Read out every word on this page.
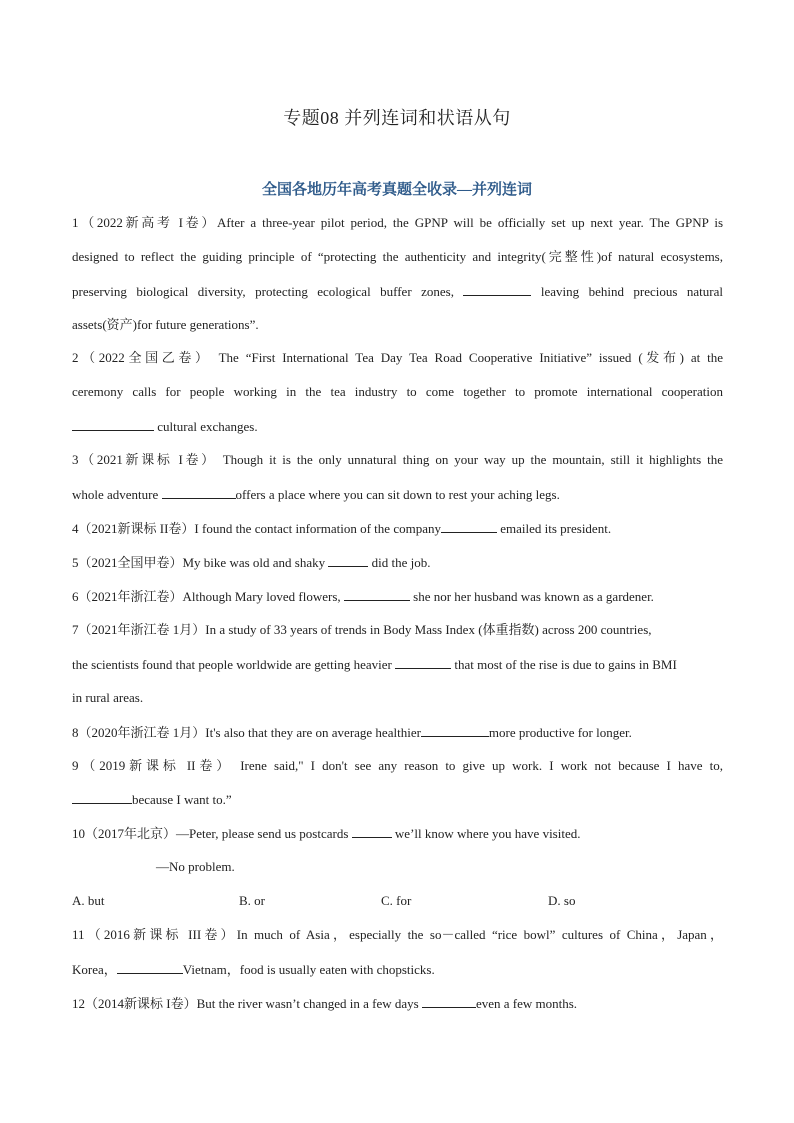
专题08 并列连词和状语从句
全国各地历年高考真题全收录—并列连词
1（2022新高考 I卷）After a three-year pilot period, the GPNP will be officially set up next year. The GPNP is
designed to reflect the guiding principle of “protecting the authenticity and integrity(完整性)of natural ecosystems,
preserving biological diversity, protecting ecological buffer zones,	leaving behind precious natural
assets(资产)for future generations”.
2（2022全国乙卷） The “First International Tea Day Tea Road Cooperative Initiative” issued (发布) at the
ceremony calls for people working in the tea industry to come together to promote international cooperation
cultural exchanges.
3（2021新课标 I卷） Though it is the only unnatural thing on your way up the mountain, still it highlights the
whole adventure	offers a place where you can sit down to rest your aching legs.
4（2021新课标 II卷）I found the contact information of the company	emailed its president.
5（2021全国甲卷）My bike was old and shaky	did the job.
6（2021年浙江卷）Although Mary loved flowers,	she nor her husband was known as a gardener.
7（2021年浙江卷 1月）In a study of 33 years of trends in Body Mass Index (体重指数) across 200 countries,
the scientists found that people worldwide are getting heavier	that most of the rise is due to gains in BMI
in rural areas.
8（2020年浙江卷 1月）It's also that they are on average healthier	more productive for longer.
9（2019新课标 II卷） Irene said," I don't see any reason to give up work. I work not because I have to,
because I want to.”
10（2017年北京）—Peter, please send us postcards	we’ll know where you have visited.
—No problem.
A. but	B. or	C. for	D. so
11（2016新课标 III卷）In much of Asia，especially the so－called “rice bowl” cultures of China，Japan，
Korea，	Vietnam，food is usually eaten with chopsticks.
12（2014新课标 I卷）But the river wasn’t changed in a few days	even a few months.
